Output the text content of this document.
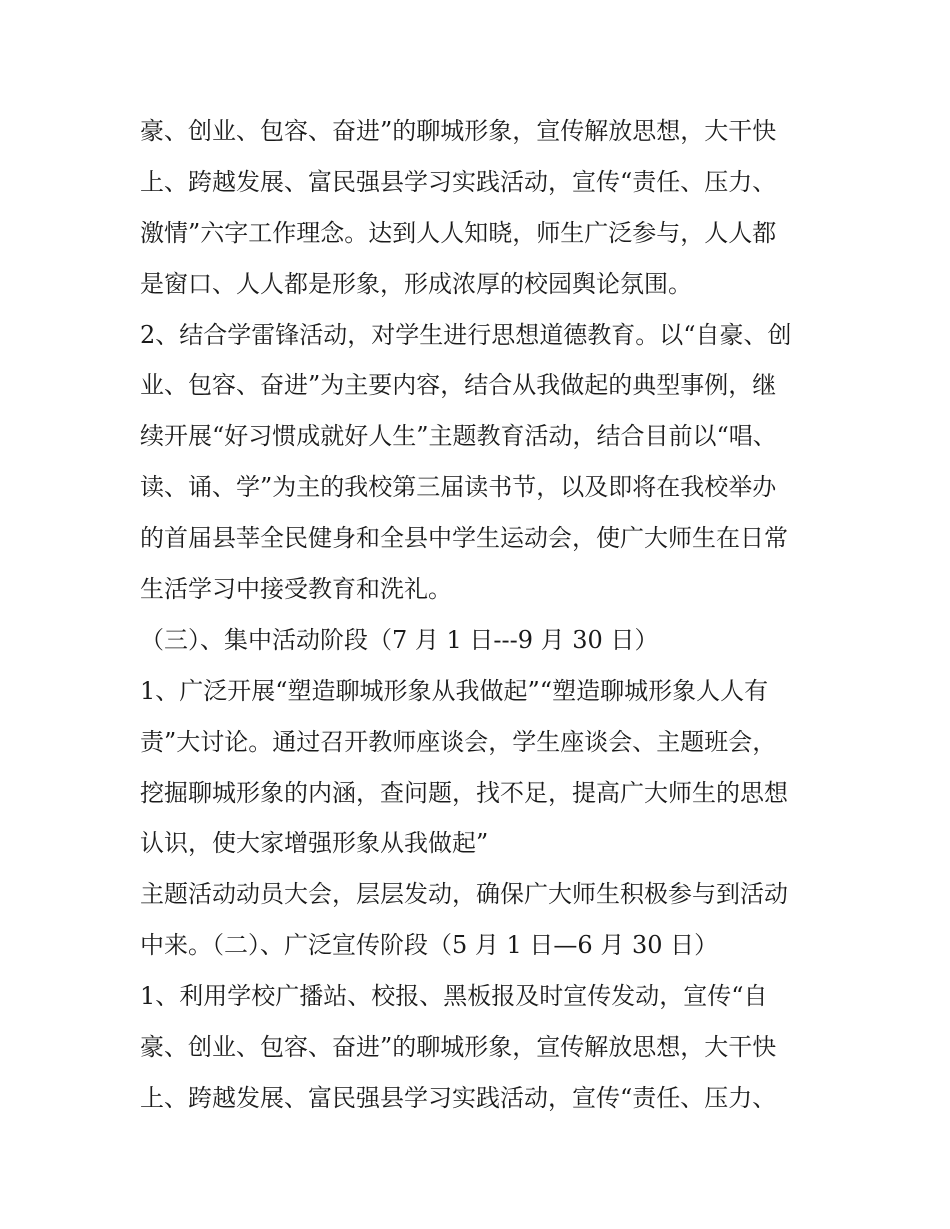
豪、创业、包容、奋进”的聊城形象，宣传解放思想，大干快
上、跨越发展、富民强县学习实践活动，宣传“责任、压力、
激情”六字工作理念。达到人人知晓，师生广泛参与，人人都
是窗口、人人都是形象，形成浓厚的校园舆论氛围。
2、结合学雷锋活动，对学生进行思想道德教育。以“自豪、创
业、包容、奋进”为主要内容，结合从我做起的典型事例，继
续开展“好习惯成就好人生”主题教育活动，结合目前以“唱、
读、诵、学”为主的我校第三届读书节，以及即将在我校举办
的首届县莘全民健身和全县中学生运动会，使广大师生在日常
生活学习中接受教育和洗礼。
（三）、集中活动阶段（7 月 1 日---9 月 30 日）
1、广泛开展“塑造聊城形象从我做起”“塑造聊城形象人人有
责”大讨论。通过召开教师座谈会，学生座谈会、主题班会，
挖掘聊城形象的内涵，查问题，找不足，提高广大师生的思想
认识，使大家增强形象从我做起”
主题活动动员大会，层层发动，确保广大师生积极参与到活动
中来。（二）、广泛宣传阶段（5 月 1 日—6 月 30 日）
1、利用学校广播站、校报、黑板报及时宣传发动，宣传“自
豪、创业、包容、奋进”的聊城形象，宣传解放思想，大干快
上、跨越发展、富民强县学习实践活动，宣传“责任、压力、
